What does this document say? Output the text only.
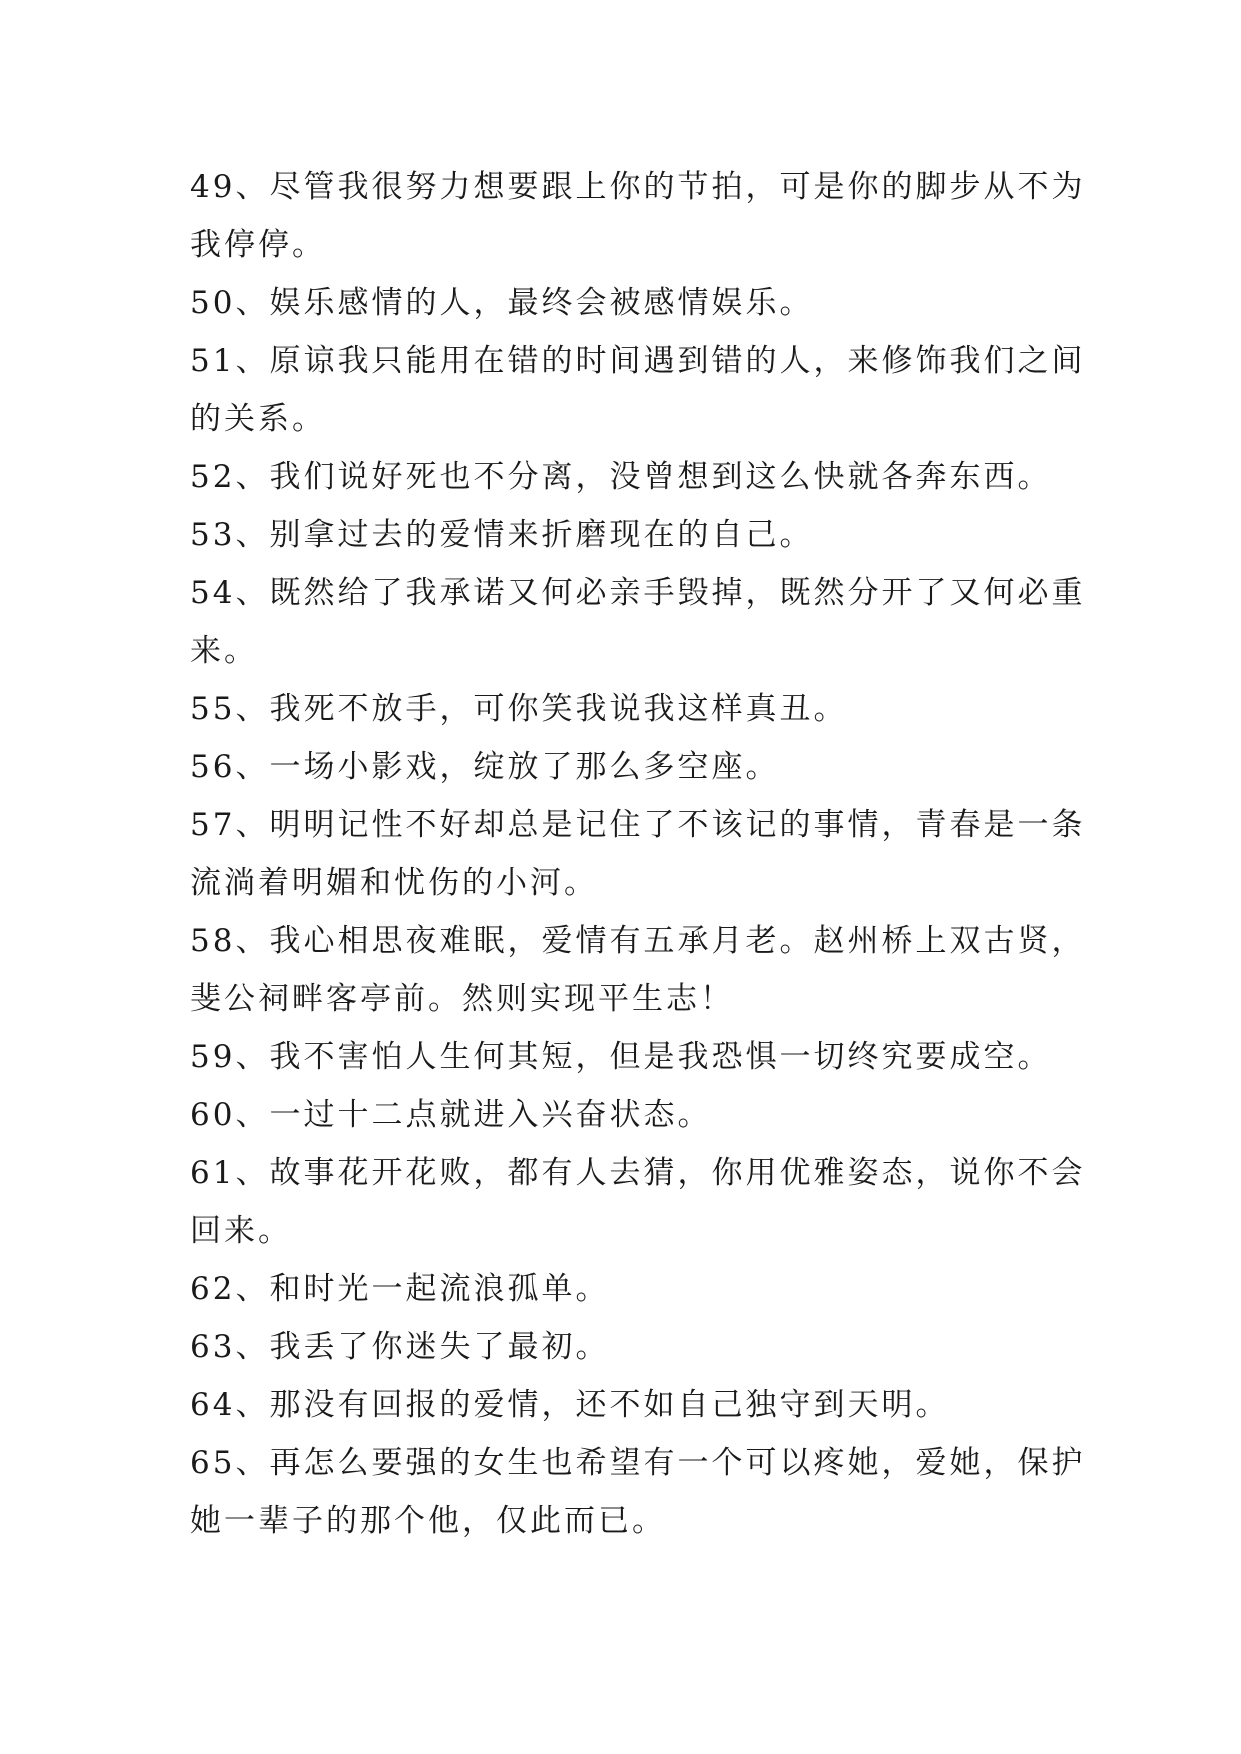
49、尽管我很努力想要跟上你的节拍，可是你的脚步从不为
我停停。
50、娱乐感情的人，最终会被感情娱乐。
51、原谅我只能用在错的时间遇到错的人，来修饰我们之间
的关系。
52、我们说好死也不分离，没曾想到这么快就各奔东西。
53、别拿过去的爱情来折磨现在的自己。
54、既然给了我承诺又何必亲手毁掉，既然分开了又何必重
来。
55、我死不放手，可你笑我说我这样真丑。
56、一场小影戏，绽放了那么多空座。
57、明明记性不好却总是记住了不该记的事情，青春是一条
流淌着明媚和忧伤的小河。
58、我心相思夜难眠，爱情有五承月老。赵州桥上双古贤，
斐公祠畔客亭前。然则实现平生志！
59、我不害怕人生何其短，但是我恐惧一切终究要成空。
60、一过十二点就进入兴奋状态。
61、故事花开花败，都有人去猜，你用优雅姿态，说你不会
回来。
62、和时光一起流浪孤单。
63、我丢了你迷失了最初。
64、那没有回报的爱情，还不如自己独守到天明。
65、再怎么要强的女生也希望有一个可以疼她，爱她，保护
她一辈子的那个他，仅此而已。
